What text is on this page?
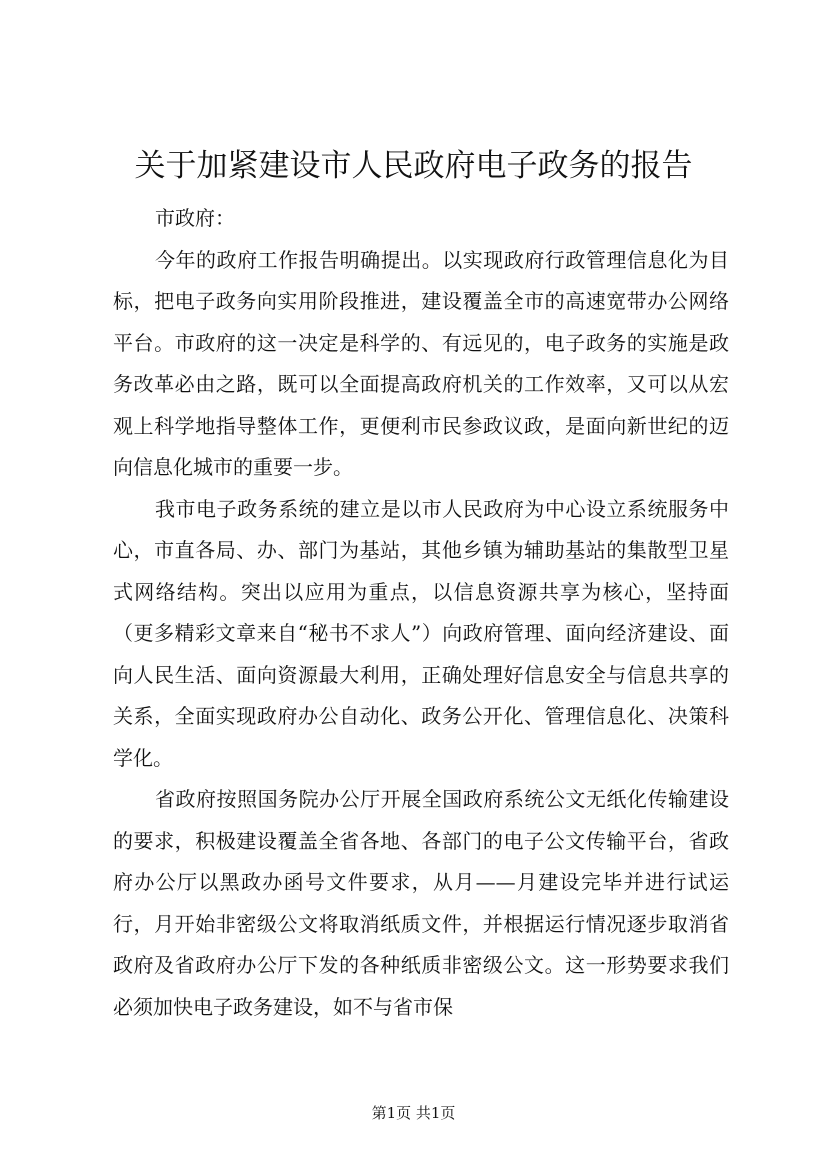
关于加紧建设市人民政府电子政务的报告

市政府：

今年的政府工作报告明确提出。以实现政府行政管理信息化为目标，把电子政务向实用阶段推进，建设覆盖全市的高速宽带办公网络平台。市政府的这一决定是科学的、有远见的，电子政务的实施是政务改革必由之路，既可以全面提高政府机关的工作效率，又可以从宏观上科学地指导整体工作，更便利市民参政议政，是面向新世纪的迈向信息化城市的重要一步。

我市电子政务系统的建立是以市人民政府为中心设立系统服务中心，市直各局、办、部门为基站，其他乡镇为辅助基站的集散型卫星式网络结构。突出以应用为重点，以信息资源共享为核心，坚持面（更多精彩文章来自“秘书不求人”）向政府管理、面向经济建设、面向人民生活、面向资源最大利用，正确处理好信息安全与信息共享的关系，全面实现政府办公自动化、政务公开化、管理信息化、决策科学化。

省政府按照国务院办公厅开展全国政府系统公文无纸化传输建设的要求，积极建设覆盖全省各地、各部门的电子公文传输平台，省政府办公厅以黑政办函号文件要求，从月——月建设完毕并进行试运行，月开始非密级公文将取消纸质文件，并根据运行情况逐步取消省政府及省政府办公厅下发的各种纸质非密级公文。这一形势要求我们必须加快电子政务建设，如不与省市保

第1页 共1页
